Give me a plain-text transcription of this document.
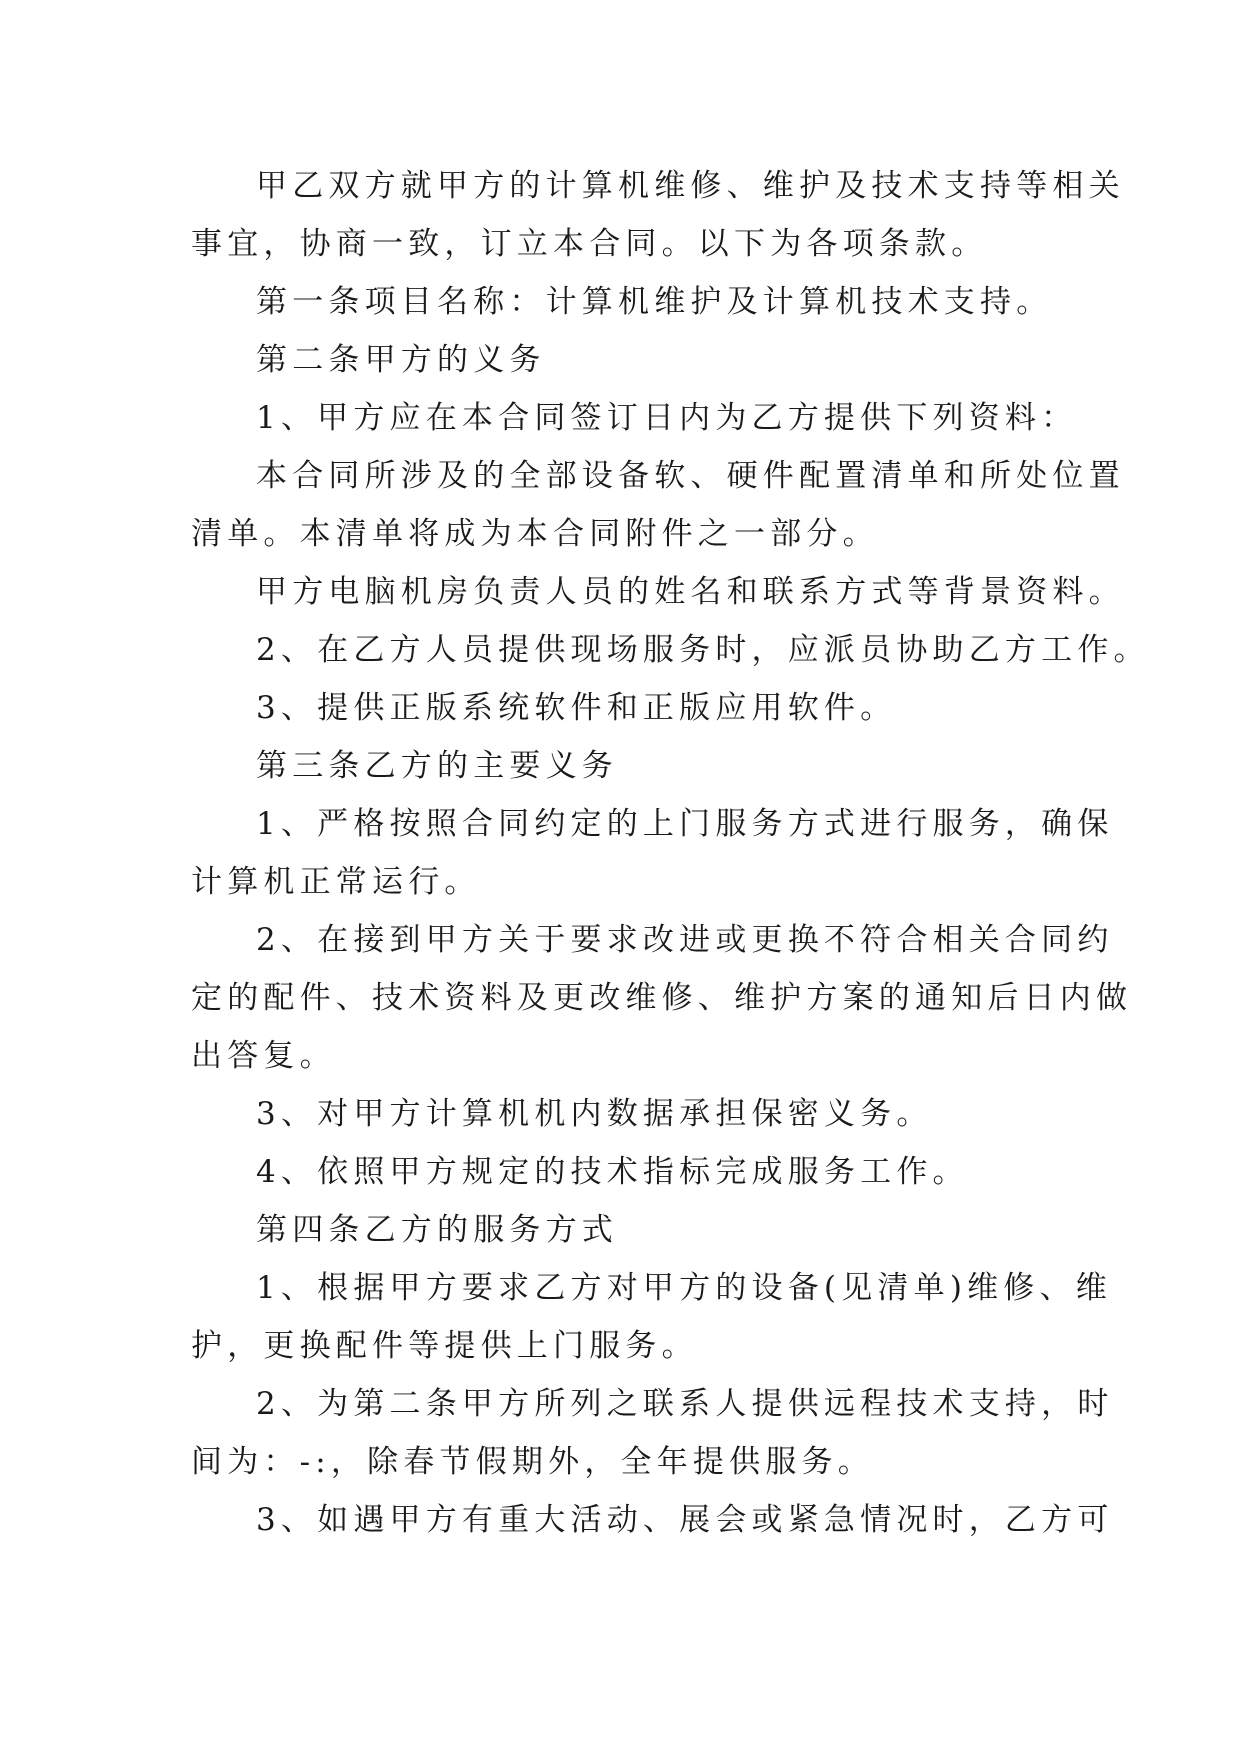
甲乙双方就甲方的计算机维修、维护及技术支持等相关
事宜，协商一致，订立本合同。以下为各项条款。
第一条项目名称：计算机维护及计算机技术支持。
第二条甲方的义务
1、甲方应在本合同签订日内为乙方提供下列资料：
本合同所涉及的全部设备软、硬件配置清单和所处位置
清单。本清单将成为本合同附件之一部分。
甲方电脑机房负责人员的姓名和联系方式等背景资料。
2、在乙方人员提供现场服务时，应派员协助乙方工作。
3、提供正版系统软件和正版应用软件。
第三条乙方的主要义务
1、严格按照合同约定的上门服务方式进行服务，确保
计算机正常运行。
2、在接到甲方关于要求改进或更换不符合相关合同约
定的配件、技术资料及更改维修、维护方案的通知后日内做
出答复。
3、对甲方计算机机内数据承担保密义务。
4、依照甲方规定的技术指标完成服务工作。
第四条乙方的服务方式
1、根据甲方要求乙方对甲方的设备(见清单)维修、维
护，更换配件等提供上门服务。
2、为第二条甲方所列之联系人提供远程技术支持，时
间为：-:，除春节假期外，全年提供服务。
3、如遇甲方有重大活动、展会或紧急情况时，乙方可
